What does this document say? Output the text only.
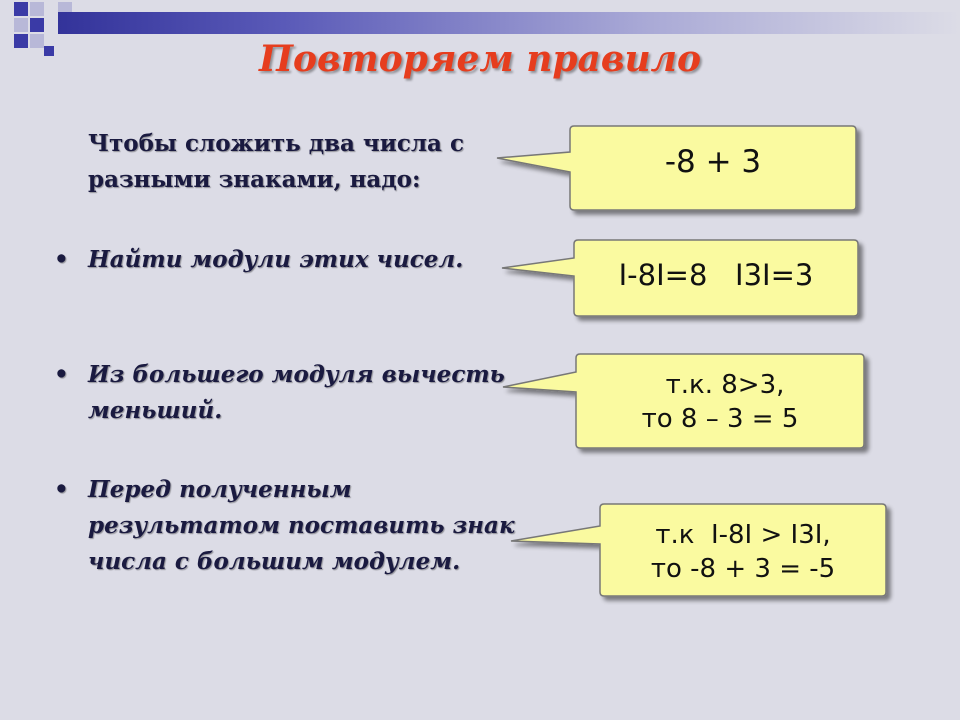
Повторяем правило
Чтобы сложить два числа с
разными знаками, надо:
• Найти модули этих чисел.
• Из большего модуля вычесть
меньший.
• Перед полученным
результатом поставить знак
числа с большим модулем.
-8 + 3
I-8I=8   I3I=3
т.к. 8>3,
то 8 – 3 = 5
т.к  I-8I > I3I,
то -8 + 3 = -5
